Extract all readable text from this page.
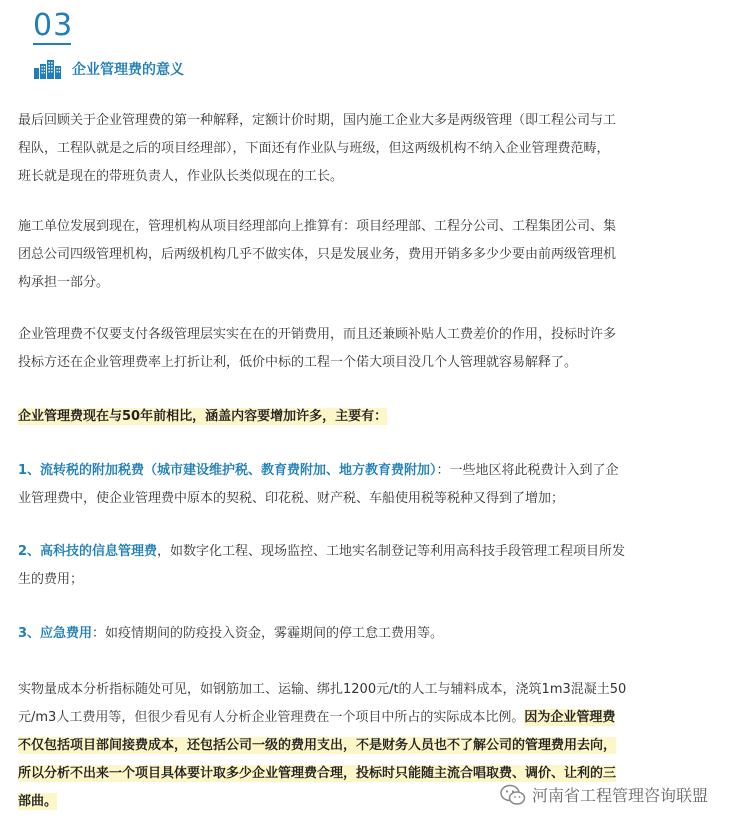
03
企业管理费的意义
最后回顾关于企业管理费的第一种解释，定额计价时期，国内施工企业大多是两级管理（即工程公司与工
程队，工程队就是之后的项目经理部），下面还有作业队与班级，但这两级机构不纳入企业管理费范畴，
班长就是现在的带班负责人，作业队长类似现在的工长。
施工单位发展到现在，管理机构从项目经理部向上推算有：项目经理部、工程分公司、工程集团公司、集
团总公司四级管理机构，后两级机构几乎不做实体，只是发展业务，费用开销多多少少要由前两级管理机
构承担一部分。
企业管理费不仅要支付各级管理层实实在在的开销费用，而且还兼顾补贴人工费差价的作用，投标时许多
投标方还在企业管理费率上打折让利，低价中标的工程一个偌大项目没几个人管理就容易解释了。
企业管理费现在与50年前相比，涵盖内容要增加许多，主要有：
1、流转税的附加税费（城市建设维护税、教育费附加、地方教育费附加）：一些地区将此税费计入到了企
业管理费中，使企业管理费中原本的契税、印花税、财产税、车船使用税等税种又得到了增加；
2、高科技的信息管理费，如数字化工程、现场监控、工地实名制登记等利用高科技手段管理工程项目所发
生的费用；
3、应急费用：如疫情期间的防疫投入资金，雾霾期间的停工怠工费用等。
实物量成本分析指标随处可见，如钢筋加工、运输、绑扎1200元/t的人工与辅料成本，浇筑1m3混凝土50
元/m3人工费用等，但很少看见有人分析企业管理费在一个项目中所占的实际成本比例。因为企业管理费
不仅包括项目部间接费成本，还包括公司一级的费用支出，不是财务人员也不了解公司的管理费用去向，
所以分析不出来一个项目具体要计取多少企业管理费合理，投标时只能随主流合唱取费、调价、让利的三
部曲。	河南省工程管理咨询联盟
